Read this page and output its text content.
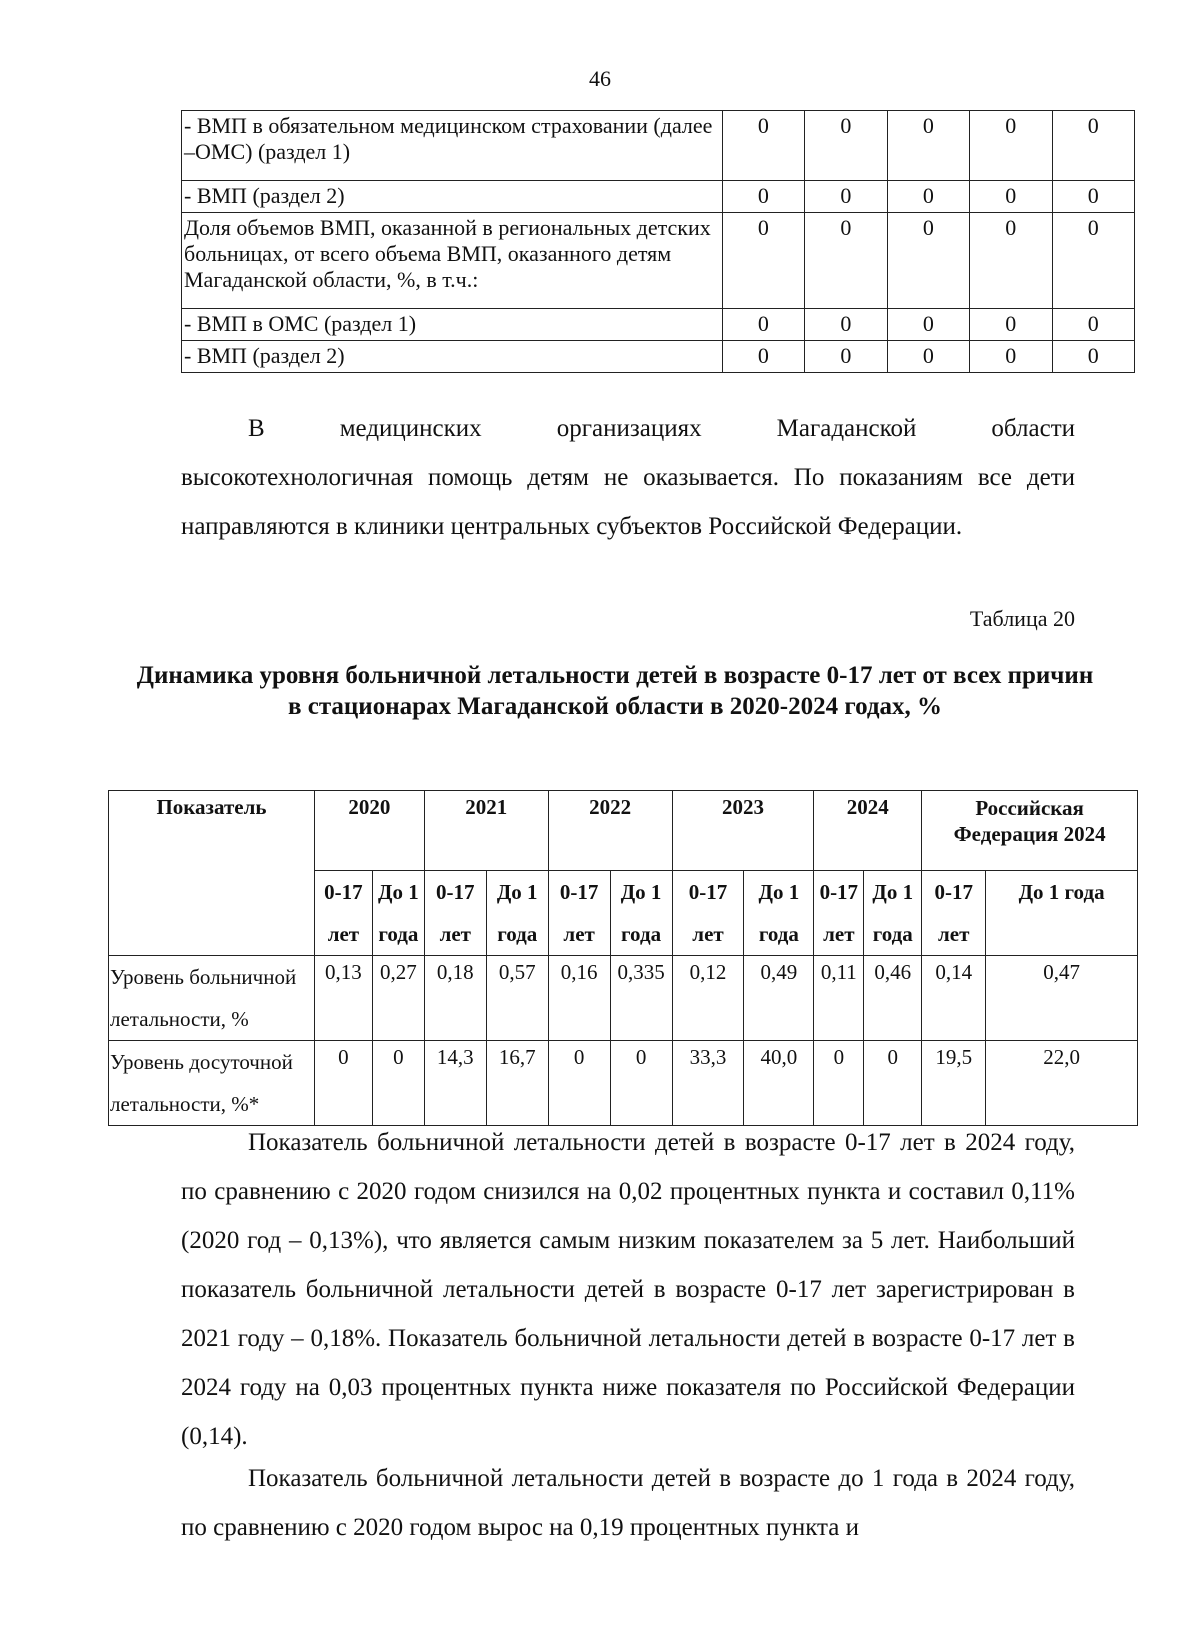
46
- ВМП в обязательном медицинском страховании (далее –ОМС) (раздел 1)	0	0	0	0	0
- ВМП (раздел 2)	0	0	0	0	0
Доля объемов ВМП, оказанной в региональных детских больницах, от всего объема ВМП, оказанного детям Магаданской области, %, в т.ч.:	0	0	0	0	0
- ВМП в ОМС (раздел 1)	0	0	0	0	0
- ВМП (раздел 2)	0	0	0	0	0

В медицинских организациях Магаданской области
высокотехнологичная помощь детям не оказывается. По показаниям все дети направляются в клиники центральных субъектов Российской Федерации.

Таблица 20
Динамика уровня больничной летальности детей в возрасте 0-17 лет от всех причин в стационарах Магаданской области в 2020-2024 годах, %
Показатель	2020		2021		2022		2023		2024		Российская Федерация 2024	
	0-17 лет	До 1 года	0-17 лет	До 1 года	0-17 лет	До 1 года	0-17 лет	До 1 года	0-17 лет	До 1 года	0-17 лет	До 1 года
Уровень больничной
летальности, %	0,13	0,27	0,18	0,57	0,16	0,335	0,12	0,49	0,11	0,46	0,14	0,47
Уровень досуточной
летальности, %*	0	0	14,3	16,7	0	0	33,3	40,0	0	0	19,5	22,0

Показатель больничной летальности детей в возрасте 0-17 лет в 2024 году, по сравнению с 2020 годом снизился на 0,02 процентных пункта и составил 0,11% (2020 год – 0,13%), что является самым низким показателем за 5 лет. Наибольший показатель больничной летальности детей в возрасте 0-17 лет зарегистрирован в 2021 году – 0,18%. Показатель больничной летальности детей в возрасте 0-17 лет в 2024 году на 0,03 процентных пункта ниже показателя по Российской Федерации (0,14).

Показатель больничной летальности детей в возрасте до 1 года в 2024 году, по сравнению с 2020 годом вырос на 0,19 процентных пункта и
